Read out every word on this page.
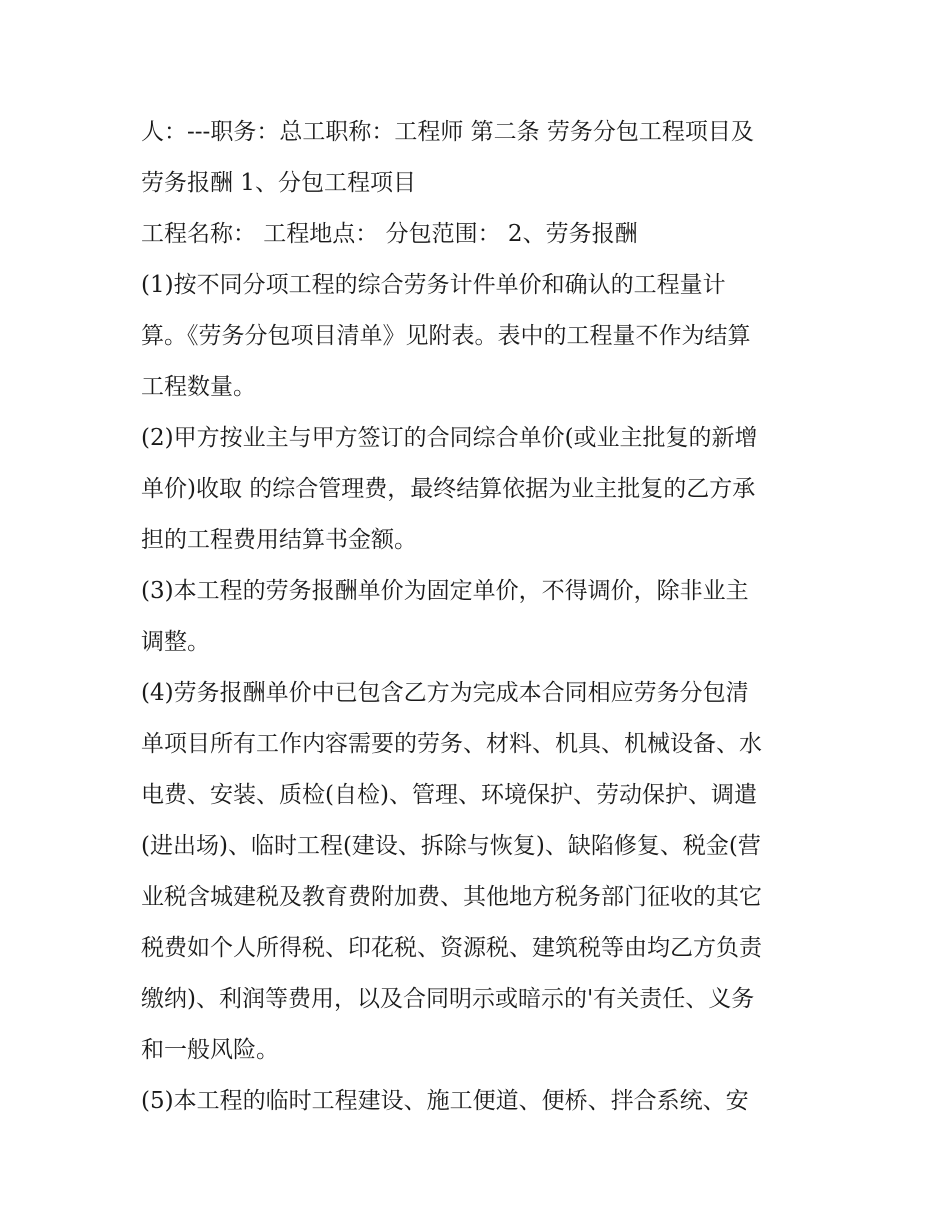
人：---职务：总工职称：工程师 第二条 劳务分包工程项目及
劳务报酬 1、分包工程项目
工程名称： 工程地点： 分包范围： 2、劳务报酬
(1)按不同分项工程的综合劳务计件单价和确认的工程量计
算。《劳务分包项目清单》见附表。表中的工程量不作为结算
工程数量。
(2)甲方按业主与甲方签订的合同综合单价(或业主批复的新增
单价)收取 的综合管理费，最终结算依据为业主批复的乙方承
担的工程费用结算书金额。
(3)本工程的劳务报酬单价为固定单价，不得调价，除非业主
调整。
(4)劳务报酬单价中已包含乙方为完成本合同相应劳务分包清
单项目所有工作内容需要的劳务、材料、机具、机械设备、水
电费、安装、质检(自检)、管理、环境保护、劳动保护、调遣
(进出场)、临时工程(建设、拆除与恢复)、缺陷修复、税金(营
业税含城建税及教育费附加费、其他地方税务部门征收的其它
税费如个人所得税、印花税、资源税、建筑税等由均乙方负责
缴纳)、利润等费用，以及合同明示或暗示的'有关责任、义务
和一般风险。
(5)本工程的临时工程建设、施工便道、便桥、拌合系统、安
